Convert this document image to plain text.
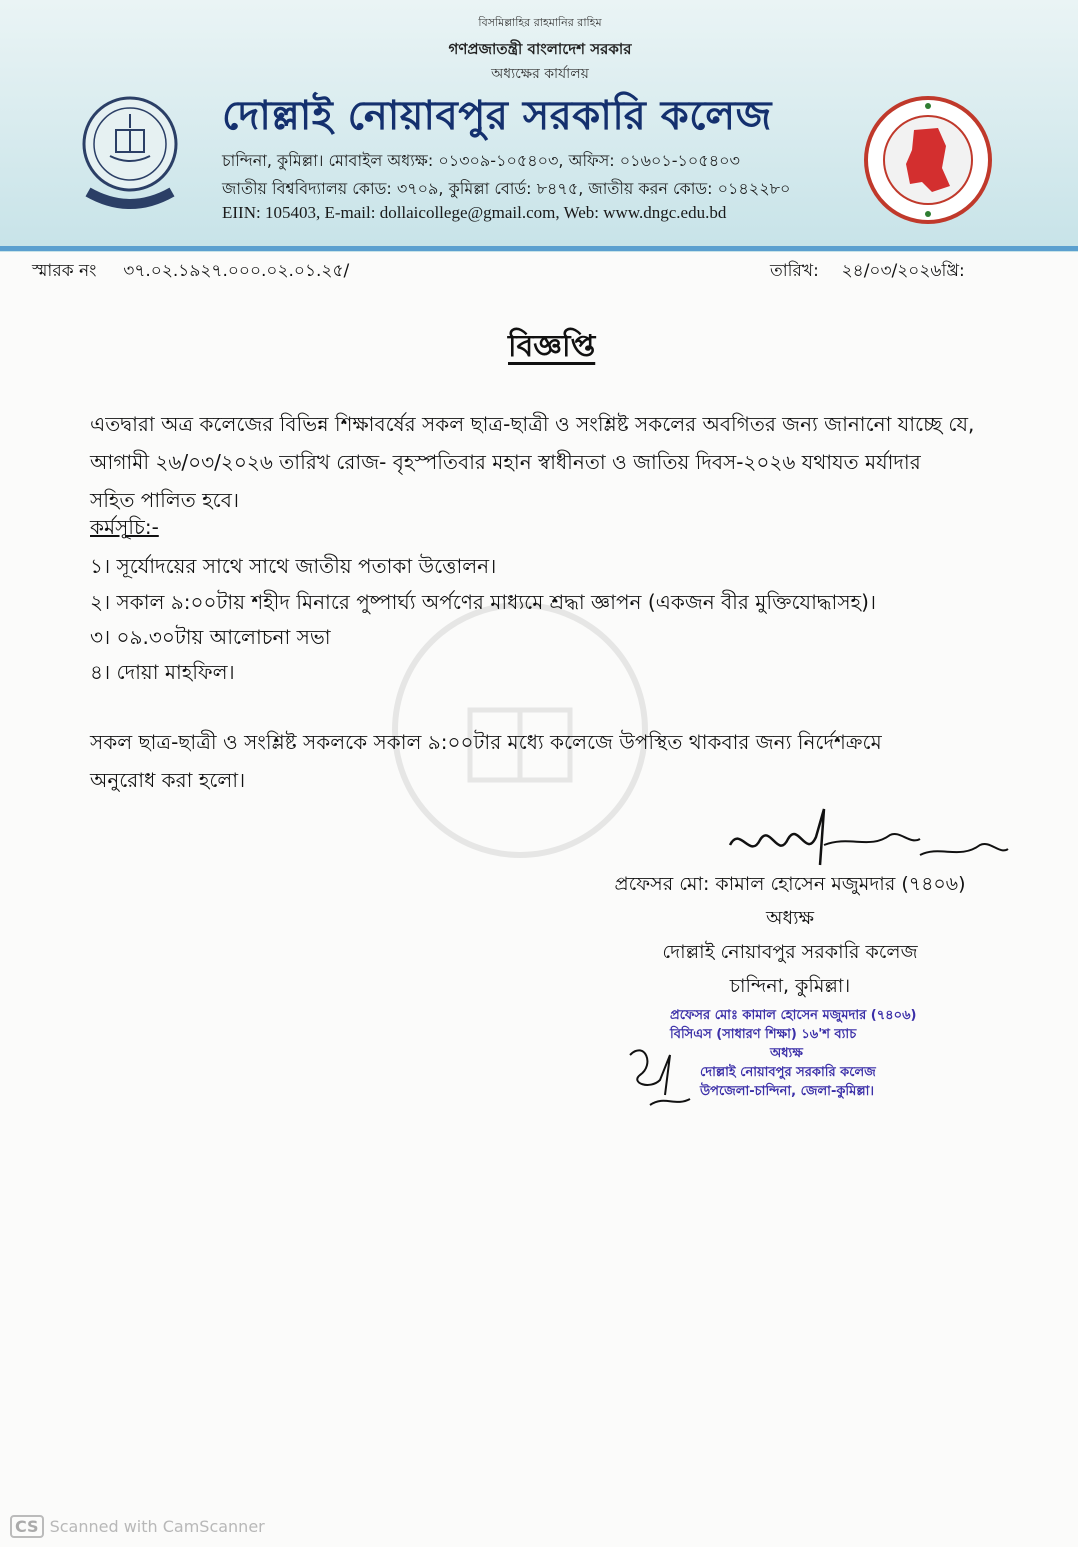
বিসমিল্লাহির রাহমানির রাহিম
গণপ্রজাতন্ত্রী বাংলাদেশ সরকার
অধ্যক্ষের কার্যালয়
দোল্লাই নোয়াবপুর সরকারি কলেজ
চান্দিনা, কুমিল্লা। মোবাইল অধ্যক্ষ: ০১৩০৯-১০৫৪০৩, অফিস: ০১৬০১-১০৫৪০৩
জাতীয় বিশ্ববিদ্যালয় কোড: ৩৭০৯, কুমিল্লা বোর্ড: ৮৪৭৫, জাতীয় করন কোড: ০১৪২২৮০
EIIN: 105403, E-mail: dollaicollege@gmail.com, Web: www.dngc.edu.bd
স্মারক নং ৩৭.০২.১৯২৭.০০০.০২.০১.২৫/	তারিখ: ২৪/০৩/২০২৬খ্রি:
বিজ্ঞপ্তি
এতদ্বারা অত্র কলেজের বিভিন্ন শিক্ষাবর্ষের সকল ছাত্র-ছাত্রী ও সংশ্লিষ্ট সকলের অবগিতর জন্য জানানো যাচ্ছে যে,
আগামী ২৬/০৩/২০২৬ তারিখ রোজ- বৃহস্পতিবার মহান স্বাধীনতা ও জাতিয় দিবস-২০২৬ যথাযত মর্যাদার
সহিত পালিত হবে।
কর্মসূচি:-
১। সূর্যোদয়ের সাথে সাথে জাতীয় পতাকা উত্তোলন।
২। সকাল ৯:০০টায় শহীদ মিনারে পুষ্পার্ঘ্য অর্পণের মাধ্যমে শ্রদ্ধা জ্ঞাপন (একজন বীর মুক্তিযোদ্ধাসহ)।
৩। ০৯.৩০টায় আলোচনা সভা
৪। দোয়া মাহফিল।
সকল ছাত্র-ছাত্রী ও সংশ্লিষ্ট সকলকে সকাল ৯:০০টার মধ্যে কলেজে উপস্থিত থাকবার জন্য নির্দেশক্রমে
অনুরোধ করা হলো।
প্রফেসর মো: কামাল হোসেন মজুমদার (৭৪০৬)
অধ্যক্ষ
দোল্লাই নোয়াবপুর সরকারি কলেজ
চান্দিনা, কুমিল্লা।
প্রফেসর মোঃ কামাল হোসেন মজুমদার (৭৪০৬)
বিসিএস (সাধারণ শিক্ষা) ১৬'শ ব্যাচ
অধ্যক্ষ
দোল্লাই নোয়াবপুর সরকারি কলেজ
উপজেলা-চান্দিনা, জেলা-কুমিল্লা।
CS Scanned with CamScanner
